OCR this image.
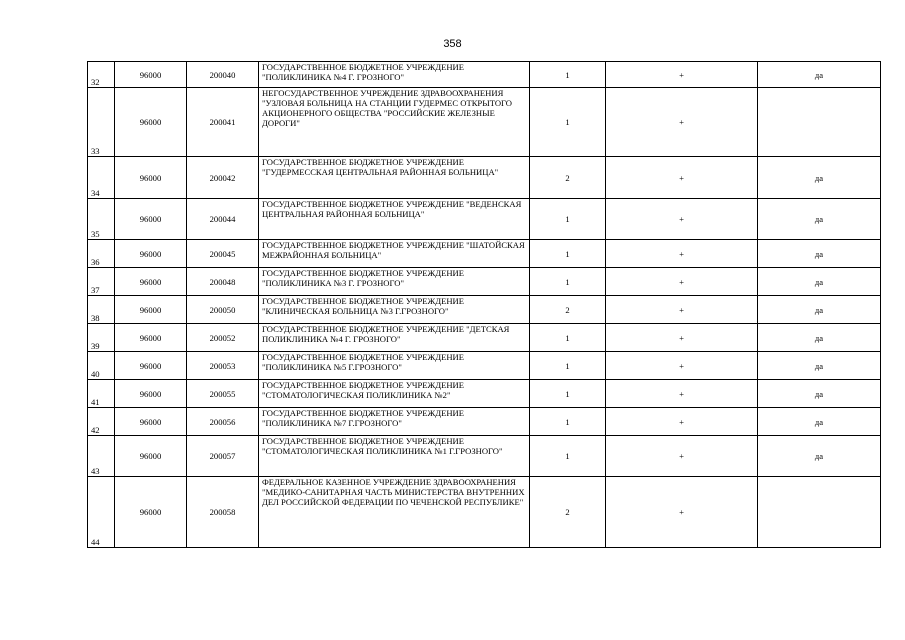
358
32	96000	200040	ГОСУДАРСТВЕННОЕ БЮДЖЕТНОЕ УЧРЕЖДЕНИЕ "ПОЛИКЛИНИКА №4 Г. ГРОЗНОГО"	1	+	да
33	96000	200041	НЕГОСУДАРСТВЕННОЕ УЧРЕЖДЕНИЕ ЗДРАВООХРАНЕНИЯ "УЗЛОВАЯ БОЛЬНИЦА НА СТАНЦИИ ГУДЕРМЕС ОТКРЫТОГО АКЦИОНЕРНОГО ОБЩЕСТВА "РОССИЙСКИЕ ЖЕЛЕЗНЫЕ ДОРОГИ"	1	+	
34	96000	200042	ГОСУДАРСТВЕННОЕ БЮДЖЕТНОЕ УЧРЕЖДЕНИЕ "ГУДЕРМЕССКАЯ ЦЕНТРАЛЬНАЯ РАЙОННАЯ БОЛЬНИЦА"	2	+	да
35	96000	200044	ГОСУДАРСТВЕННОЕ БЮДЖЕТНОЕ УЧРЕЖДЕНИЕ "ВЕДЕНСКАЯ ЦЕНТРАЛЬНАЯ РАЙОННАЯ БОЛЬНИЦА"	1	+	да
36	96000	200045	ГОСУДАРСТВЕННОЕ БЮДЖЕТНОЕ УЧРЕЖДЕНИЕ "ШАТОЙСКАЯ МЕЖРАЙОННАЯ БОЛЬНИЦА"	1	+	да
37	96000	200048	ГОСУДАРСТВЕННОЕ БЮДЖЕТНОЕ УЧРЕЖДЕНИЕ "ПОЛИКЛИНИКА №3 Г. ГРОЗНОГО"	1	+	да
38	96000	200050	ГОСУДАРСТВЕННОЕ БЮДЖЕТНОЕ УЧРЕЖДЕНИЕ "КЛИНИЧЕСКАЯ БОЛЬНИЦА №3 Г.ГРОЗНОГО"	2	+	да
39	96000	200052	ГОСУДАРСТВЕННОЕ БЮДЖЕТНОЕ УЧРЕЖДЕНИЕ "ДЕТСКАЯ ПОЛИКЛИНИКА №4 Г. ГРОЗНОГО"	1	+	да
40	96000	200053	ГОСУДАРСТВЕННОЕ БЮДЖЕТНОЕ УЧРЕЖДЕНИЕ "ПОЛИКЛИНИКА №5 Г.ГРОЗНОГО"	1	+	да
41	96000	200055	ГОСУДАРСТВЕННОЕ БЮДЖЕТНОЕ УЧРЕЖДЕНИЕ "СТОМАТОЛОГИЧЕСКАЯ ПОЛИКЛИНИКА №2"	1	+	да
42	96000	200056	ГОСУДАРСТВЕННОЕ БЮДЖЕТНОЕ УЧРЕЖДЕНИЕ "ПОЛИКЛИНИКА №7 Г.ГРОЗНОГО"	1	+	да
43	96000	200057	ГОСУДАРСТВЕННОЕ БЮДЖЕТНОЕ УЧРЕЖДЕНИЕ "СТОМАТОЛОГИЧЕСКАЯ ПОЛИКЛИНИКА №1 Г.ГРОЗНОГО"	1	+	да
44	96000	200058	ФЕДЕРАЛЬНОЕ КАЗЕННОЕ УЧРЕЖДЕНИЕ ЗДРАВООХРАНЕНИЯ "МЕДИКО-САНИТАРНАЯ ЧАСТЬ МИНИСТЕРСТВА ВНУТРЕННИХ ДЕЛ РОССИЙСКОЙ ФЕДЕРАЦИИ ПО ЧЕЧЕНСКОЙ РЕСПУБЛИКЕ"	2	+	
